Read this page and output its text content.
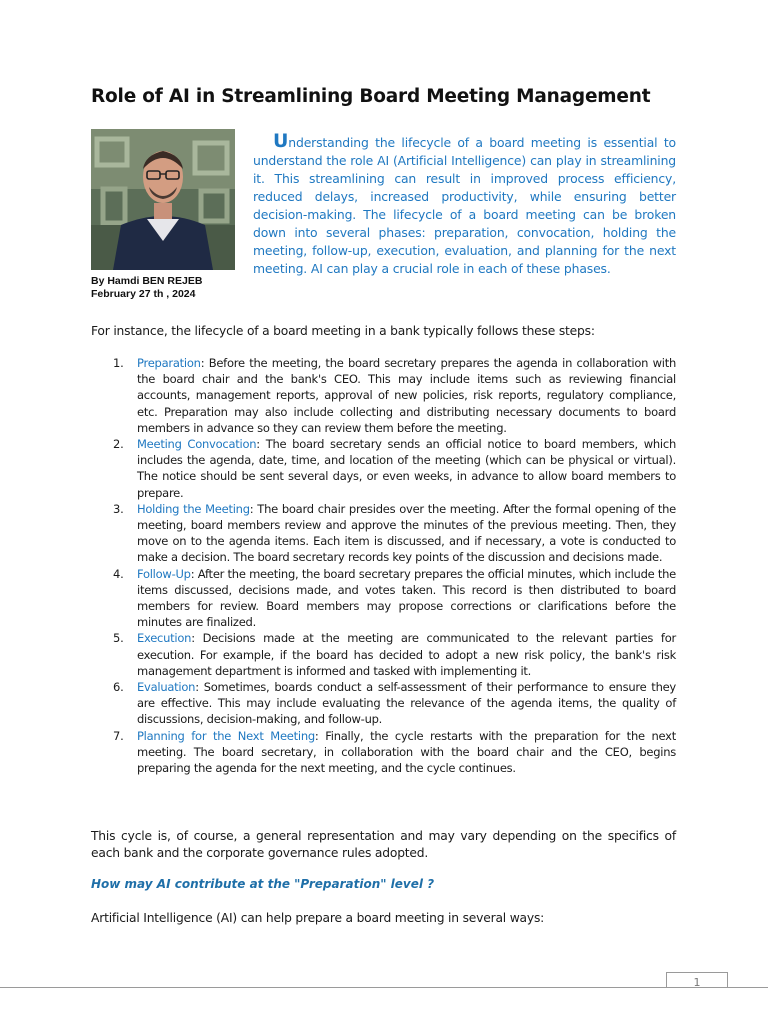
Role of AI in Streamlining Board Meeting Management
By Hamdi BEN REJEB
February 27 th , 2024

Understanding the lifecycle of a board meeting is essential to understand the role AI (Artificial Intelligence) can play in streamlining it. This streamlining can result in improved process efficiency, reduced delays, increased productivity, while ensuring better decision-making. The lifecycle of a board meeting can be broken down into several phases: preparation, convocation, holding the meeting, follow-up, execution, evaluation, and planning for the next meeting. AI can play a crucial role in each of these phases.

For instance, the lifecycle of a board meeting in a bank typically follows these steps:

1. Preparation: Before the meeting, the board secretary prepares the agenda in collaboration with the board chair and the bank's CEO. This may include items such as reviewing financial accounts, management reports, approval of new policies, risk reports, regulatory compliance, etc. Preparation may also include collecting and distributing necessary documents to board members in advance so they can review them before the meeting.
2. Meeting Convocation: The board secretary sends an official notice to board members, which includes the agenda, date, time, and location of the meeting (which can be physical or virtual). The notice should be sent several days, or even weeks, in advance to allow board members to prepare.
3. Holding the Meeting: The board chair presides over the meeting. After the formal opening of the meeting, board members review and approve the minutes of the previous meeting. Then, they move on to the agenda items. Each item is discussed, and if necessary, a vote is conducted to make a decision. The board secretary records key points of the discussion and decisions made.
4. Follow-Up: After the meeting, the board secretary prepares the official minutes, which include the items discussed, decisions made, and votes taken. This record is then distributed to board members for review. Board members may propose corrections or clarifications before the minutes are finalized.
5. Execution: Decisions made at the meeting are communicated to the relevant parties for execution. For example, if the board has decided to adopt a new risk policy, the bank's risk management department is informed and tasked with implementing it.
6. Evaluation: Sometimes, boards conduct a self-assessment of their performance to ensure they are effective. This may include evaluating the relevance of the agenda items, the quality of discussions, decision-making, and follow-up.
7. Planning for the Next Meeting: Finally, the cycle restarts with the preparation for the next meeting. The board secretary, in collaboration with the board chair and the CEO, begins preparing the agenda for the next meeting, and the cycle continues.

This cycle is, of course, a general representation and may vary depending on the specifics of each bank and the corporate governance rules adopted.

How may AI contribute at the "Preparation" level ?

Artificial Intelligence (AI) can help prepare a board meeting in several ways:

1
